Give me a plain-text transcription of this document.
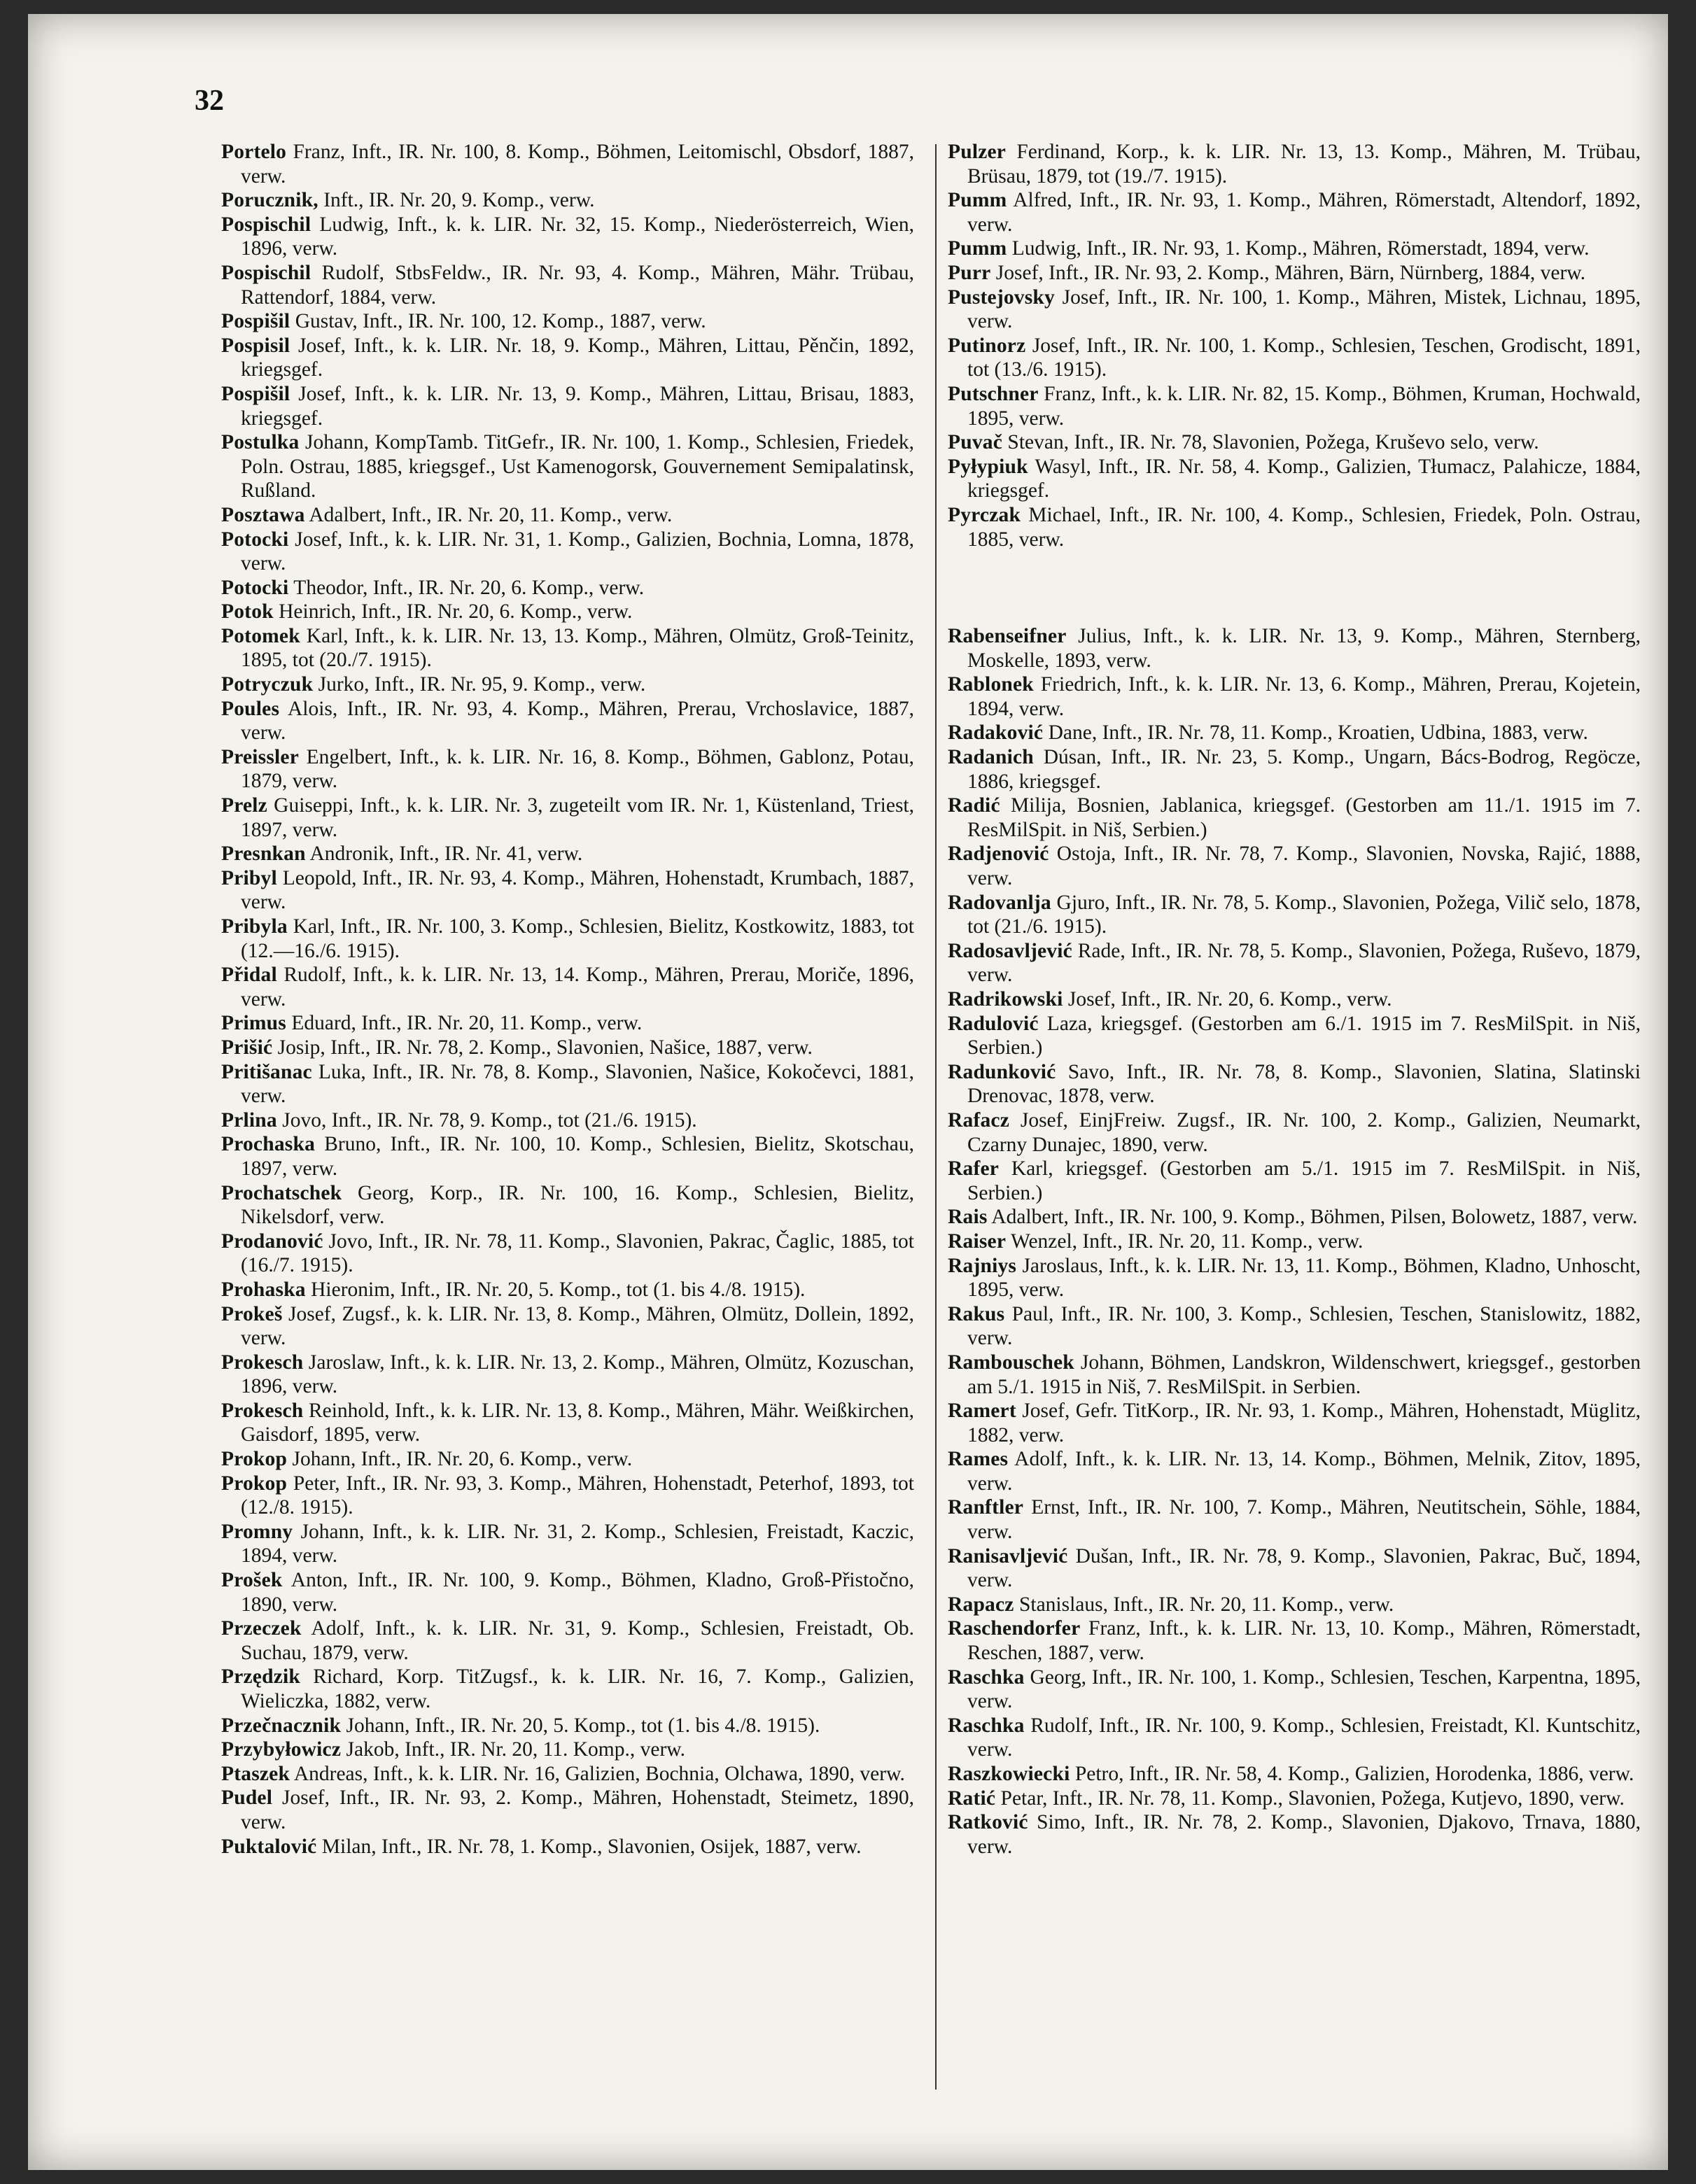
32
Portelo Franz, Inft., IR. Nr. 100, 8. Komp., Böhmen, Leitomischl, Obsdorf, 1887, verw.
Porucznik, Inft., IR. Nr. 20, 9. Komp., verw.
Pospischil Ludwig, Inft., k. k. LIR. Nr. 32, 15. Komp., Niederösterreich, Wien, 1896, verw.
Pospischil Rudolf, StbsFeldw., IR. Nr. 93, 4. Komp., Mähren, Mähr. Trübau, Rattendorf, 1884, verw.
Pospišil Gustav, Inft., IR. Nr. 100, 12. Komp., 1887, verw.
Pospisil Josef, Inft., k. k. LIR. Nr. 18, 9. Komp., Mähren, Littau, Pěnčin, 1892, kriegsgef.
Pospišil Josef, Inft., k. k. LIR. Nr. 13, 9. Komp., Mähren, Littau, Brisau, 1883, kriegsgef.
Postulka Johann, KompTamb. TitGefr., IR. Nr. 100, 1. Komp., Schlesien, Friedek, Poln. Ostrau, 1885, kriegsgef., Ust Kamenogorsk, Gouvernement Semipalatinsk, Rußland.
Posztawa Adalbert, Inft., IR. Nr. 20, 11. Komp., verw.
Potocki Josef, Inft., k. k. LIR. Nr. 31, 1. Komp., Galizien, Bochnia, Lomna, 1878, verw.
Potocki Theodor, Inft., IR. Nr. 20, 6. Komp., verw.
Potok Heinrich, Inft., IR. Nr. 20, 6. Komp., verw.
Potomek Karl, Inft., k. k. LIR. Nr. 13, 13. Komp., Mähren, Olmütz, Groß-Teinitz, 1895, tot (20./7. 1915).
Potryczuk Jurko, Inft., IR. Nr. 95, 9. Komp., verw.
Poules Alois, Inft., IR. Nr. 93, 4. Komp., Mähren, Prerau, Vrchoslavice, 1887, verw.
Preissler Engelbert, Inft., k. k. LIR. Nr. 16, 8. Komp., Böhmen, Gablonz, Potau, 1879, verw.
Prelz Guiseppi, Inft., k. k. LIR. Nr. 3, zugeteilt vom IR. Nr. 1, Küstenland, Triest, 1897, verw.
Presnkan Andronik, Inft., IR. Nr. 41, verw.
Pribyl Leopold, Inft., IR. Nr. 93, 4. Komp., Mähren, Hohenstadt, Krumbach, 1887, verw.
Pribyla Karl, Inft., IR. Nr. 100, 3. Komp., Schlesien, Bielitz, Kostkowitz, 1883, tot (12.—16./6. 1915).
Přidal Rudolf, Inft., k. k. LIR. Nr. 13, 14. Komp., Mähren, Prerau, Moriče, 1896, verw.
Primus Eduard, Inft., IR. Nr. 20, 11. Komp., verw.
Prišić Josip, Inft., IR. Nr. 78, 2. Komp., Slavonien, Našice, 1887, verw.
Pritišanac Luka, Inft., IR. Nr. 78, 8. Komp., Slavonien, Našice, Kokočevci, 1881, verw.
Prlina Jovo, Inft., IR. Nr. 78, 9. Komp., tot (21./6. 1915).
Prochaska Bruno, Inft., IR. Nr. 100, 10. Komp., Schlesien, Bielitz, Skotschau, 1897, verw.
Prochatschek Georg, Korp., IR. Nr. 100, 16. Komp., Schlesien, Bielitz, Nikelsdorf, verw.
Prodanović Jovo, Inft., IR. Nr. 78, 11. Komp., Slavonien, Pakrac, Čaglic, 1885, tot (16./7. 1915).
Prohaska Hieronim, Inft., IR. Nr. 20, 5. Komp., tot (1. bis 4./8. 1915).
Prokeš Josef, Zugsf., k. k. LIR. Nr. 13, 8. Komp., Mähren, Olmütz, Dollein, 1892, verw.
Prokesch Jaroslaw, Inft., k. k. LIR. Nr. 13, 2. Komp., Mähren, Olmütz, Kozuschan, 1896, verw.
Prokesch Reinhold, Inft., k. k. LIR. Nr. 13, 8. Komp., Mähren, Mähr. Weißkirchen, Gaisdorf, 1895, verw.
Prokop Johann, Inft., IR. Nr. 20, 6. Komp., verw.
Prokop Peter, Inft., IR. Nr. 93, 3. Komp., Mähren, Hohenstadt, Peterhof, 1893, tot (12./8. 1915).
Promny Johann, Inft., k. k. LIR. Nr. 31, 2. Komp., Schlesien, Freistadt, Kaczic, 1894, verw.
Prošek Anton, Inft., IR. Nr. 100, 9. Komp., Böhmen, Kladno, Groß-Přistočno, 1890, verw.
Przeczek Adolf, Inft., k. k. LIR. Nr. 31, 9. Komp., Schlesien, Freistadt, Ob. Suchau, 1879, verw.
Przędzik Richard, Korp. TitZugsf., k. k. LIR. Nr. 16, 7. Komp., Galizien, Wieliczka, 1882, verw.
Przečnacznik Johann, Inft., IR. Nr. 20, 5. Komp., tot (1. bis 4./8. 1915).
Przybyłowicz Jakob, Inft., IR. Nr. 20, 11. Komp., verw.
Ptaszek Andreas, Inft., k. k. LIR. Nr. 16, Galizien, Bochnia, Olchawa, 1890, verw.
Pudel Josef, Inft., IR. Nr. 93, 2. Komp., Mähren, Hohenstadt, Steimetz, 1890, verw.
Puktalović Milan, Inft., IR. Nr. 78, 1. Komp., Slavonien, Osijek, 1887, verw.
Pulzer Ferdinand, Korp., k. k. LIR. Nr. 13, 13. Komp., Mähren, M. Trübau, Brüsau, 1879, tot (19./7. 1915).
Pumm Alfred, Inft., IR. Nr. 93, 1. Komp., Mähren, Römerstadt, Altendorf, 1892, verw.
Pumm Ludwig, Inft., IR. Nr. 93, 1. Komp., Mähren, Römerstadt, 1894, verw.
Purr Josef, Inft., IR. Nr. 93, 2. Komp., Mähren, Bärn, Nürnberg, 1884, verw.
Pustejovsky Josef, Inft., IR. Nr. 100, 1. Komp., Mähren, Mistek, Lichnau, 1895, verw.
Putinorz Josef, Inft., IR. Nr. 100, 1. Komp., Schlesien, Teschen, Grodischt, 1891, tot (13./6. 1915).
Putschner Franz, Inft., k. k. LIR. Nr. 82, 15. Komp., Böhmen, Kruman, Hochwald, 1895, verw.
Puvač Stevan, Inft., IR. Nr. 78, Slavonien, Požega, Kruševo selo, verw.
Pyłypiuk Wasyl, Inft., IR. Nr. 58, 4. Komp., Galizien, Tłumacz, Palahicze, 1884, kriegsgef.
Pyrczak Michael, Inft., IR. Nr. 100, 4. Komp., Schlesien, Friedek, Poln. Ostrau, 1885, verw.
Rabenseifner Julius, Inft., k. k. LIR. Nr. 13, 9. Komp., Mähren, Sternberg, Moskelle, 1893, verw.
Rablonek Friedrich, Inft., k. k. LIR. Nr. 13, 6. Komp., Mähren, Prerau, Kojetein, 1894, verw.
Radaković Dane, Inft., IR. Nr. 78, 11. Komp., Kroatien, Udbina, 1883, verw.
Radanich Dúsan, Inft., IR. Nr. 23, 5. Komp., Ungarn, Bács-Bodrog, Regöcze, 1886, kriegsgef.
Radić Milija, Bosnien, Jablanica, kriegsgef. (Gestorben am 11./1. 1915 im 7. ResMilSpit. in Niš, Serbien.)
Radjenović Ostoja, Inft., IR. Nr. 78, 7. Komp., Slavonien, Novska, Rajić, 1888, verw.
Radovanlja Gjuro, Inft., IR. Nr. 78, 5. Komp., Slavonien, Požega, Vilič selo, 1878, tot (21./6. 1915).
Radosavljević Rade, Inft., IR. Nr. 78, 5. Komp., Slavonien, Požega, Ruševo, 1879, verw.
Radrikowski Josef, Inft., IR. Nr. 20, 6. Komp., verw.
Radulović Laza, kriegsgef. (Gestorben am 6./1. 1915 im 7. ResMilSpit. in Niš, Serbien.)
Radunković Savo, Inft., IR. Nr. 78, 8. Komp., Slavonien, Slatina, Slatinski Drenovac, 1878, verw.
Rafacz Josef, EinjFreiw. Zugsf., IR. Nr. 100, 2. Komp., Galizien, Neumarkt, Czarny Dunajec, 1890, verw.
Rafer Karl, kriegsgef. (Gestorben am 5./1. 1915 im 7. ResMilSpit. in Niš, Serbien.)
Rais Adalbert, Inft., IR. Nr. 100, 9. Komp., Böhmen, Pilsen, Bolowetz, 1887, verw.
Raiser Wenzel, Inft., IR. Nr. 20, 11. Komp., verw.
Rajniys Jaroslaus, Inft., k. k. LIR. Nr. 13, 11. Komp., Böhmen, Kladno, Unhoscht, 1895, verw.
Rakus Paul, Inft., IR. Nr. 100, 3. Komp., Schlesien, Teschen, Stanislowitz, 1882, verw.
Rambouschek Johann, Böhmen, Landskron, Wildenschwert, kriegsgef., gestorben am 5./1. 1915 in Niš, 7. ResMilSpit. in Serbien.
Ramert Josef, Gefr. TitKorp., IR. Nr. 93, 1. Komp., Mähren, Hohenstadt, Müglitz, 1882, verw.
Rames Adolf, Inft., k. k. LIR. Nr. 13, 14. Komp., Böhmen, Melnik, Zitov, 1895, verw.
Ranftler Ernst, Inft., IR. Nr. 100, 7. Komp., Mähren, Neutitschein, Söhle, 1884, verw.
Ranisavljević Dušan, Inft., IR. Nr. 78, 9. Komp., Slavonien, Pakrac, Buč, 1894, verw.
Rapacz Stanislaus, Inft., IR. Nr. 20, 11. Komp., verw.
Raschendorfer Franz, Inft., k. k. LIR. Nr. 13, 10. Komp., Mähren, Römerstadt, Reschen, 1887, verw.
Raschka Georg, Inft., IR. Nr. 100, 1. Komp., Schlesien, Teschen, Karpentna, 1895, verw.
Raschka Rudolf, Inft., IR. Nr. 100, 9. Komp., Schlesien, Freistadt, Kl. Kuntschitz, verw.
Raszkowiecki Petro, Inft., IR. Nr. 58, 4. Komp., Galizien, Horodenka, 1886, verw.
Ratić Petar, Inft., IR. Nr. 78, 11. Komp., Slavonien, Požega, Kutjevo, 1890, verw.
Ratković Simo, Inft., IR. Nr. 78, 2. Komp., Slavonien, Djakovo, Trnava, 1880, verw.
